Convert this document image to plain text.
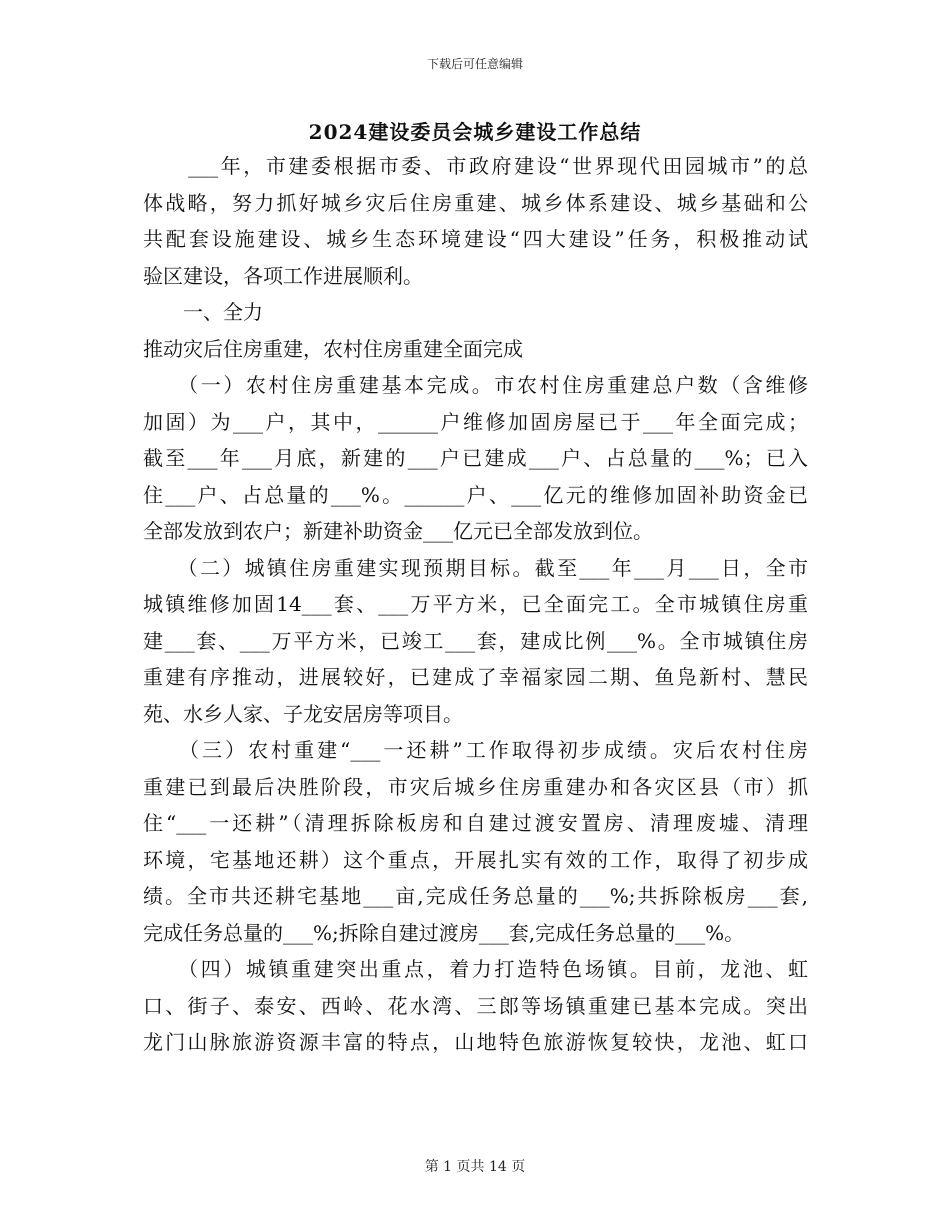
下载后可任意编辑
2024建设委员会城乡建设工作总结
　　___年，市建委根据市委、市政府建设“世界现代田园城市”的总
体战略，努力抓好城乡灾后住房重建、城乡体系建设、城乡基础和公
共配套设施建设、城乡生态环境建设“四大建设”任务，积极推动试
验区建设，各项工作进展顺利。
　　一、全力
推动灾后住房重建，农村住房重建全面完成
　　（一）农村住房重建基本完成。市农村住房重建总户数（含维修
加固）为___户，其中，______户维修加固房屋已于___年全面完成；
截至___年___月底，新建的___户已建成___户、占总量的___%；已入
住___户、占总量的___%。______户、___亿元的维修加固补助资金已
全部发放到农户；新建补助资金___亿元已全部发放到位。
　　（二）城镇住房重建实现预期目标。截至___年___月___日，全市
城镇维修加固14___套、___万平方米，已全面完工。全市城镇住房重
建___套、___万平方米，已竣工___套，建成比例___%。全市城镇住房
重建有序推动，进展较好，已建成了幸福家园二期、鱼凫新村、慧民
苑、水乡人家、子龙安居房等项目。
　　（三）农村重建“___一还耕”工作取得初步成绩。灾后农村住房
重建已到最后决胜阶段，市灾后城乡住房重建办和各灾区县（市）抓
住“___一还耕”（清理拆除板房和自建过渡安置房、清理废墟、清理
环境，宅基地还耕）这个重点，开展扎实有效的工作，取得了初步成
绩。全市共还耕宅基地___亩,完成任务总量的___%;共拆除板房___套,
完成任务总量的___%;拆除自建过渡房___套,完成任务总量的___%。
　　（四）城镇重建突出重点，着力打造特色场镇。目前，龙池、虹
口、街子、泰安、西岭、花水湾、三郎等场镇重建已基本完成。突出
龙门山脉旅游资源丰富的特点，山地特色旅游恢复较快，龙池、虹口
第 1 页共 14 页
